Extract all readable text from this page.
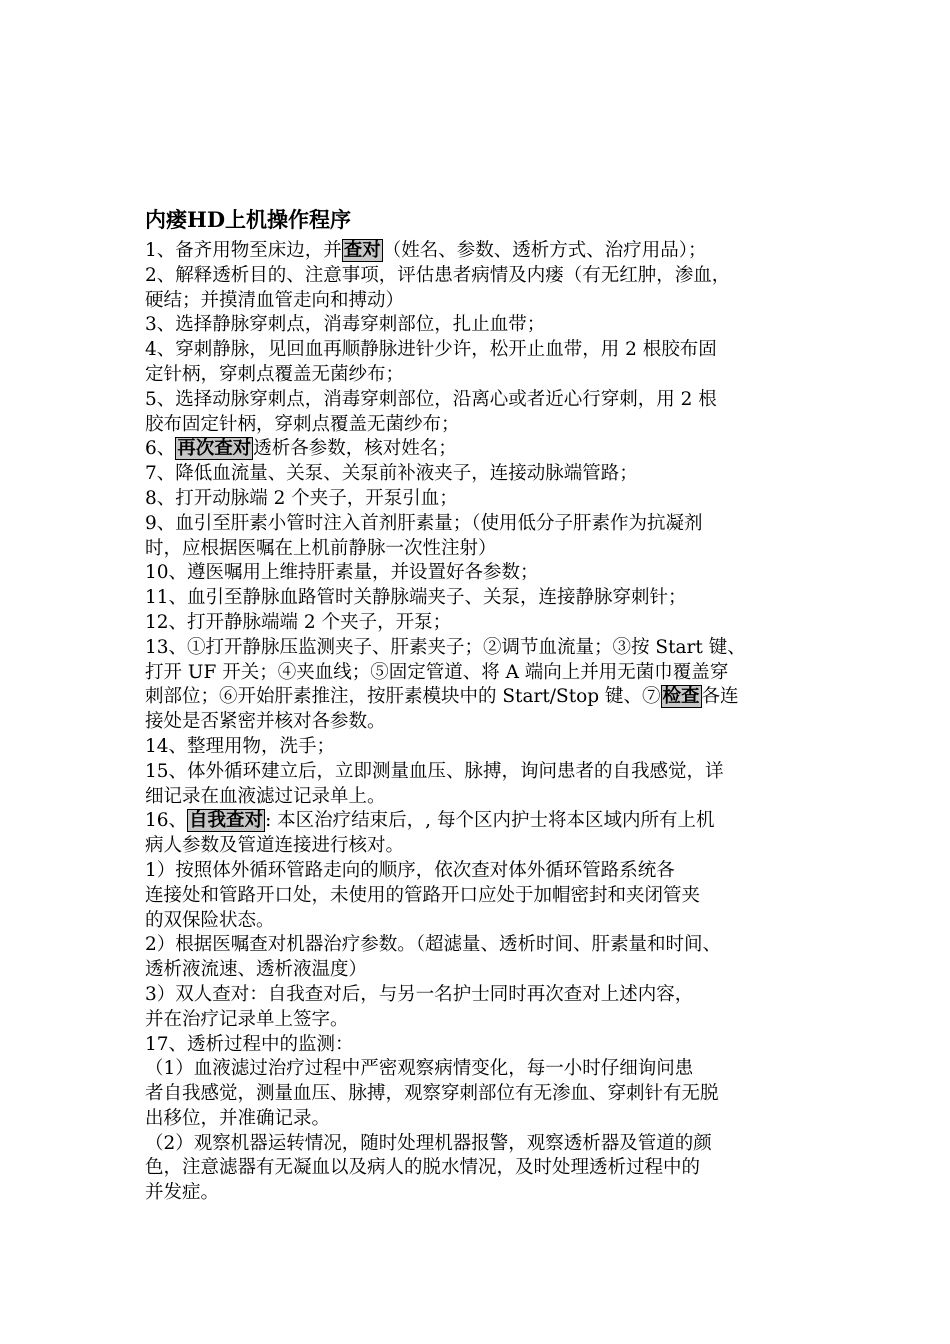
内瘘HD上机操作程序

1、备齐用物至床边，并 查对 （姓名、参数、透析方式、治疗用品）；

2、解释透析目的、注意事项，评估患者病情及内瘘（有无红肿，渗血，

硬结；并摸清血管走向和搏动）

3、选择静脉穿刺点，消毒穿刺部位，扎止血带；

4、穿刺静脉，见回血再顺静脉进针少许，松开止血带，用 2 根胶布固

定针柄，穿刺点覆盖无菌纱布；

5、选择动脉穿刺点，消毒穿刺部位，沿离心或者近心行穿刺，用 2 根

胶布固定针柄，穿刺点覆盖无菌纱布；

6、 再次查对 透析各参数，核对姓名；

7、降低血流量、关泵、关泵前补液夹子，连接动脉端管路；

8、打开动脉端 2 个夹子，开泵引血；

9、血引至肝素小管时注入首剂肝素量；（使用低分子肝素作为抗凝剂

时，应根据医嘱在上机前静脉一次性注射）

10、遵医嘱用上维持肝素量，并设置好各参数；

11、血引至静脉血路管时关静脉端夹子、关泵，连接静脉穿刺针；

12、打开静脉端端 2 个夹子，开泵；

13、①打开静脉压监测夹子、肝素夹子；②调节血流量；③按 Start 键、

打开 UF 开关；④夹血线；⑤固定管道、将 A 端向上并用无菌巾覆盖穿

刺部位；⑥开始肝素推注，按肝素模块中的 Start/Stop 键、⑦ 检查 各连

接处是否紧密并核对各参数。

14、整理用物，洗手；

15、体外循环建立后，立即测量血压、脉搏，询问患者的自我感觉，详

细记录在血液滤过记录单上。

16、 自我查对 : 本区治疗结束后，, 每个区内护士将本区域内所有上机

病人参数及管道连接进行核对。

1）按照体外循环管路走向的顺序，依次查对体外循环管路系统各

连接处和管路开口处，未使用的管路开口应处于加帽密封和夹闭管夹

的双保险状态。

2）根据医嘱查对机器治疗参数。（超滤量、透析时间、肝素量和时间、

透析液流速、透析液温度）

3）双人查对：自我查对后，与另一名护士同时再次查对上述内容，

并在治疗记录单上签字。

17、透析过程中的监测：

（1）血液滤过治疗过程中严密观察病情变化，每一小时仔细询问患

者自我感觉，测量血压、脉搏，观察穿刺部位有无渗血、穿刺针有无脱

出移位，并准确记录。

（2）观察机器运转情况，随时处理机器报警，观察透析器及管道的颜

色，注意滤器有无凝血以及病人的脱水情况，及时处理透析过程中的

并发症。
